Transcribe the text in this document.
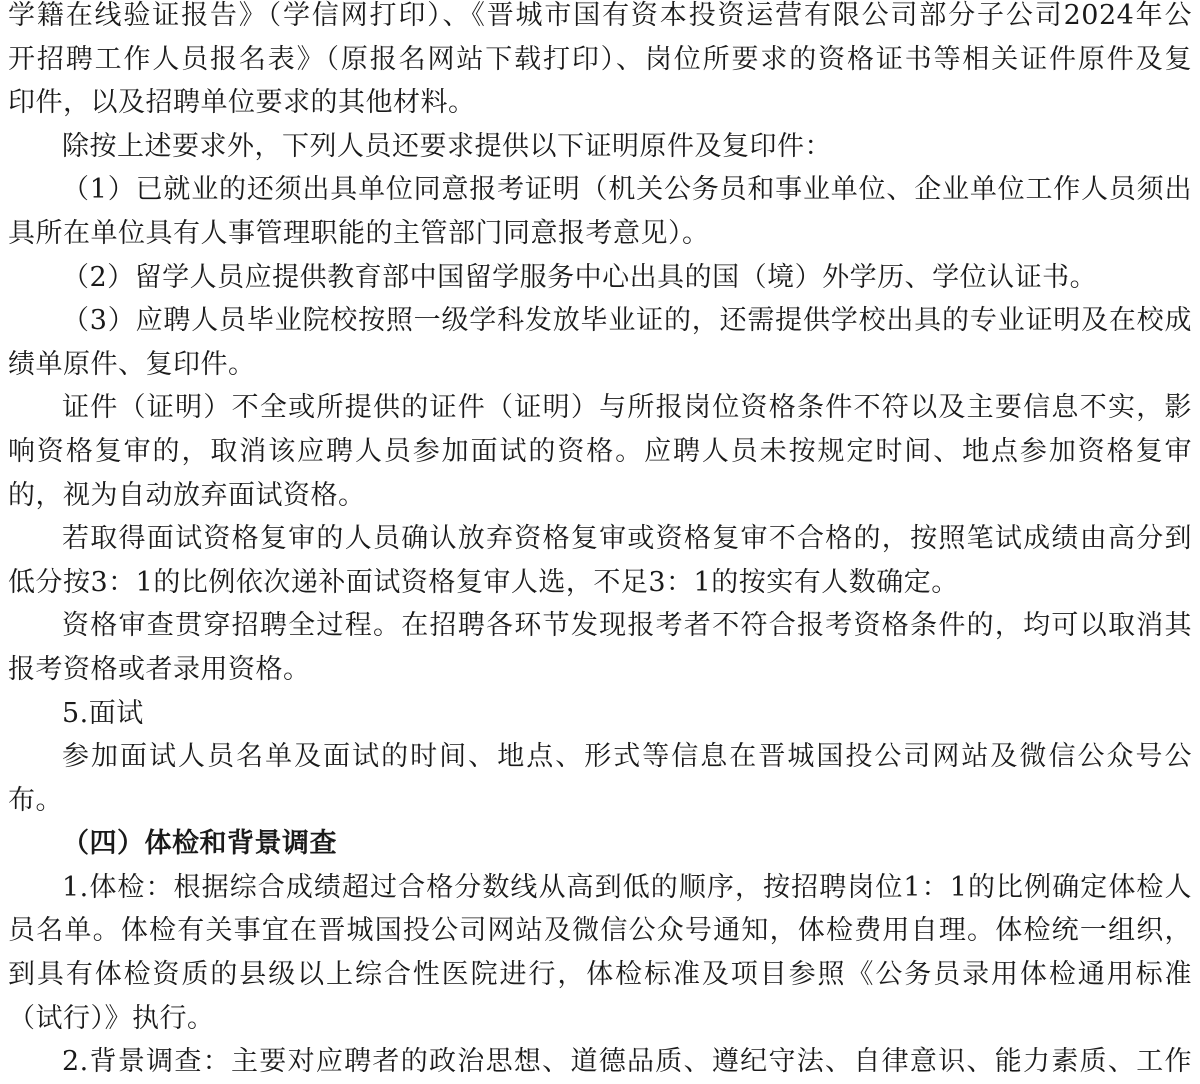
学籍在线验证报告》（学信网打印）、《晋城市国有资本投资运营有限公司部分子公司2024年公
开招聘工作人员报名表》（原报名网站下载打印）、岗位所要求的资格证书等相关证件原件及复
印件，以及招聘单位要求的其他材料。
除按上述要求外，下列人员还要求提供以下证明原件及复印件：
（1）已就业的还须出具单位同意报考证明（机关公务员和事业单位、企业单位工作人员须出
具所在单位具有人事管理职能的主管部门同意报考意见）。
（2）留学人员应提供教育部中国留学服务中心出具的国（境）外学历、学位认证书。
（3）应聘人员毕业院校按照一级学科发放毕业证的，还需提供学校出具的专业证明及在校成
绩单原件、复印件。
证件（证明）不全或所提供的证件（证明）与所报岗位资格条件不符以及主要信息不实，影
响资格复审的，取消该应聘人员参加面试的资格。应聘人员未按规定时间、地点参加资格复审
的，视为自动放弃面试资格。
若取得面试资格复审的人员确认放弃资格复审或资格复审不合格的，按照笔试成绩由高分到
低分按3：1的比例依次递补面试资格复审人选，不足3：1的按实有人数确定。
资格审查贯穿招聘全过程。在招聘各环节发现报考者不符合报考资格条件的，均可以取消其
报考资格或者录用资格。
5.面试
参加面试人员名单及面试的时间、地点、形式等信息在晋城国投公司网站及微信公众号公
布。
（四）体检和背景调查
1.体检：根据综合成绩超过合格分数线从高到低的顺序，按招聘岗位1：1的比例确定体检人
员名单。体检有关事宜在晋城国投公司网站及微信公众号通知，体检费用自理。体检统一组织，
到具有体检资质的县级以上综合性医院进行，体检标准及项目参照《公务员录用体检通用标准
（试行）》执行。
2.背景调查：主要对应聘者的政治思想、道德品质、遵纪守法、自律意识、能力素质、工作
